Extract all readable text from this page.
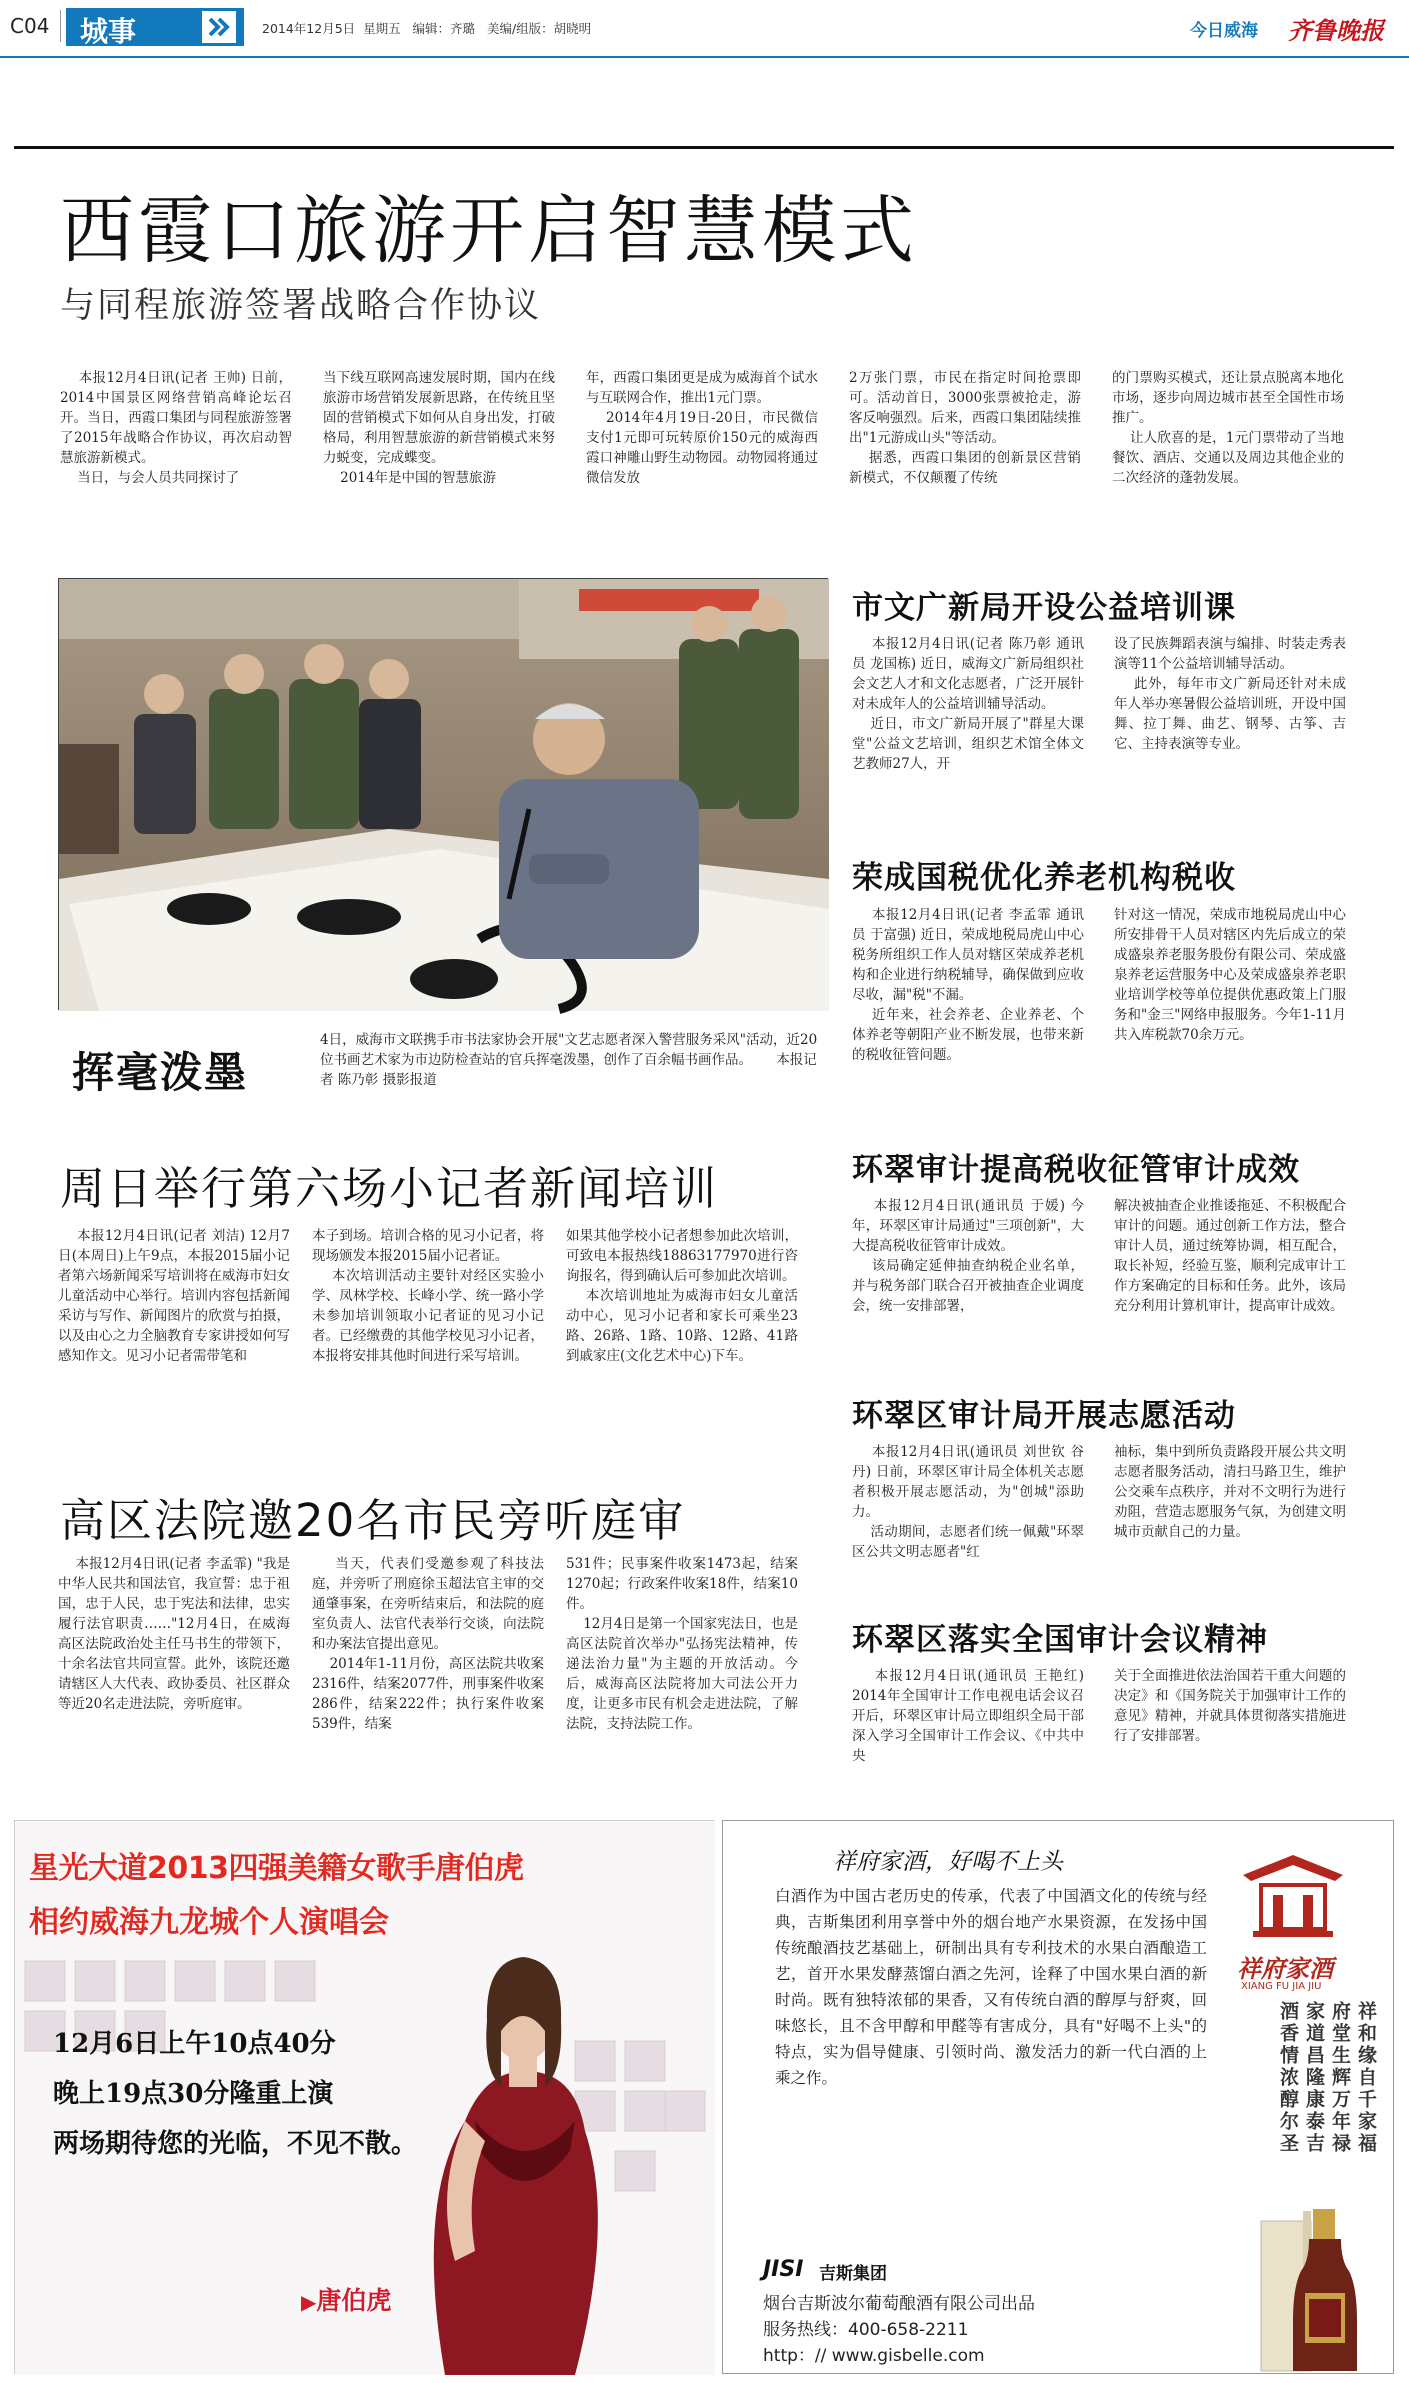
C04 城事	2014年12月5日  星期五   编辑：齐璐   美编/组版：胡晓明	今日威海 齐鲁晚报
西霞口旅游开启智慧模式
与同程旅游签署战略合作协议
本报12月4日讯(记者 王帅) 日前，2014中国景区网络营销高峰论坛召开。当日，西霞口集团与同程旅游签署了2015年战略合作协议，再次启动智慧旅游新模式。
当日，与会人员共同探讨了
当下线互联网高速发展时期，国内在线旅游市场营销发展新思路，在传统且坚固的营销模式下如何从自身出发，打破格局，利用智慧旅游的新营销模式来努力蜕变，完成蝶变。
2014年是中国的智慧旅游
年，西霞口集团更是成为威海首个试水与互联网合作，推出1元门票。
2014年4月19日-20日，市民微信支付1元即可玩转原价150元的威海西霞口神雕山野生动物园。动物园将通过微信发放
2万张门票，市民在指定时间抢票即可。活动首日，3000张票被抢走，游客反响强烈。后来，西霞口集团陆续推出"1元游成山头"等活动。
据悉，西霞口集团的创新景区营销新模式，不仅颠覆了传统
的门票购买模式，还让景点脱离本地化市场，逐步向周边城市甚至全国性市场推广。
让人欣喜的是，1元门票带动了当地餐饮、酒店、交通以及周边其他企业的二次经济的蓬勃发展。
挥毫泼墨
4日，威海市文联携手市书法家协会开展"文艺志愿者深入警营服务采风"活动，近20位书画艺术家为市边防检查站的官兵挥毫泼墨，创作了百余幅书画作品。 本报记者 陈乃彰 摄影报道
市文广新局开设公益培训课
本报12月4日讯(记者 陈乃彰 通讯员 龙国栋) 近日，威海文广新局组织社会文艺人才和文化志愿者，广泛开展针对未成年人的公益培训辅导活动。
近日，市文广新局开展了"群星大课堂"公益文艺培训，组织艺术馆全体文艺教师27人，开
设了民族舞蹈表演与编排、时装走秀表演等11个公益培训辅导活动。
此外，每年市文广新局还针对未成年人举办寒暑假公益培训班，开设中国舞、拉丁舞、曲艺、钢琴、古筝、吉它、主持表演等专业。
荣成国税优化养老机构税收
本报12月4日讯(记者 李孟霏 通讯员 于富强) 近日，荣成地税局虎山中心税务所组织工作人员对辖区荣成养老机构和企业进行纳税辅导，确保做到应收尽收，漏"税"不漏。
近年来，社会养老、企业养老、个体养老等朝阳产业不断发展，也带来新的税收征管问题。
针对这一情况，荣成市地税局虎山中心所安排骨干人员对辖区内先后成立的荣成盛泉养老服务股份有限公司、荣成盛泉养老运营服务中心及荣成盛泉养老职业培训学校等单位提供优惠政策上门服务和"金三"网络申报服务。今年1-11月共入库税款70余万元。
环翠审计提高税收征管审计成效
本报12月4日讯(通讯员 于媛) 今年，环翠区审计局通过"三项创新"，大大提高税收征管审计成效。
该局确定延伸抽查纳税企业名单，并与税务部门联合召开被抽查企业调度会，统一安排部署，
解决被抽查企业推诿拖延、不积极配合审计的问题。通过创新工作方法，整合审计人员，通过统筹协调，相互配合，取长补短，经验互鉴，顺利完成审计工作方案确定的目标和任务。此外，该局充分利用计算机审计，提高审计成效。
环翠区审计局开展志愿活动
本报12月4日讯(通讯员 刘世钦 谷丹) 日前，环翠区审计局全体机关志愿者积极开展志愿活动，为"创城"添助力。
活动期间，志愿者们统一佩戴"环翠区公共文明志愿者"红
袖标，集中到所负责路段开展公共文明志愿者服务活动，清扫马路卫生，维护公交乘车点秩序，并对不文明行为进行劝阻，营造志愿服务气氛，为创建文明城市贡献自己的力量。
环翠区落实全国审计会议精神
本报12月4日讯(通讯员 王艳红) 2014年全国审计工作电视电话会议召开后，环翠区审计局立即组织全局干部深入学习全国审计工作会议、《中共中央
关于全面推进依法治国若干重大问题的决定》和《国务院关于加强审计工作的意见》精神，并就具体贯彻落实措施进行了安排部署。
周日举行第六场小记者新闻培训
本报12月4日讯(记者 刘洁) 12月7日(本周日)上午9点，本报2015届小记者第六场新闻采写培训将在威海市妇女儿童活动中心举行。培训内容包括新闻采访与写作、新闻图片的欣赏与拍摄，以及由心之力全脑教育专家讲授如何写感知作文。见习小记者需带笔和
本子到场。培训合格的见习小记者，将现场颁发本报2015届小记者证。
本次培训活动主要针对经区实验小学、凤林学校、长峰小学、统一路小学未参加培训领取小记者证的见习小记者。已经缴费的其他学校见习小记者，本报将安排其他时间进行采写培训。
如果其他学校小记者想参加此次培训，可致电本报热线18863177970进行咨询报名，得到确认后可参加此次培训。
本次培训地址为威海市妇女儿童活动中心，见习小记者和家长可乘坐23路、26路、1路、10路、12路、41路到戚家庄(文化艺术中心)下车。
高区法院邀20名市民旁听庭审
本报12月4日讯(记者 李孟霏) "我是中华人民共和国法官，我宣誓：忠于祖国，忠于人民，忠于宪法和法律，忠实履行法官职责……"12月4日，在威海高区法院政治处主任马书生的带领下，十余名法官共同宣誓。此外，该院还邀请辖区人大代表、政协委员、社区群众等近20名走进法院，旁听庭审。
当天，代表们受邀参观了科技法庭，并旁听了刑庭徐玉超法官主审的交通肇事案，在旁听结束后，和法院的庭室负责人、法官代表举行交谈，向法院和办案法官提出意见。
2014年1-11月份，高区法院共收案2316件，结案2077件，刑事案件收案286件，结案222件；执行案件收案539件，结案
531件；民事案件收案1473起，结案1270起；行政案件收案18件，结案10件。
12月4日是第一个国家宪法日，也是高区法院首次举办"弘扬宪法精神，传递法治力量"为主题的开放活动。今后，威海高区法院将加大司法公开力度，让更多市民有机会走进法院，了解法院，支持法院工作。
星光大道2013四强美籍女歌手唐伯虎
相约威海九龙城个人演唱会
12月6日上午10点40分
晚上19点30分隆重上演
两场期待您的光临，不见不散。
▶唐伯虎
祥府家酒，好喝不上头
白酒作为中国古老历史的传承，代表了中国酒文化的传统与经典，吉斯集团利用享誉中外的烟台地产水果资源，在发扬中国传统酿酒技艺基础上，研制出具有专利技术的水果白酒酿造工艺，首开水果发酵蒸馏白酒之先河，诠释了中国水果白酒的新时尚。既有独特浓郁的果香，又有传统白酒的醇厚与舒爽，回味悠长，且不含甲醇和甲醛等有害成分，具有"好喝不上头"的特点，实为倡导健康、引领时尚、激发活力的新一代白酒的上乘之作。
JISI 吉斯集团
烟台吉斯波尔葡萄酿酒有限公司出品
服务热线：400-658-2211
http：// www.gisbelle.com
祥府家酒
XIANG FU JIA JIU
祥和缘自千家福 府堂生辉万年禄 家道昌隆康泰吉 酒香情浓醇尔圣
